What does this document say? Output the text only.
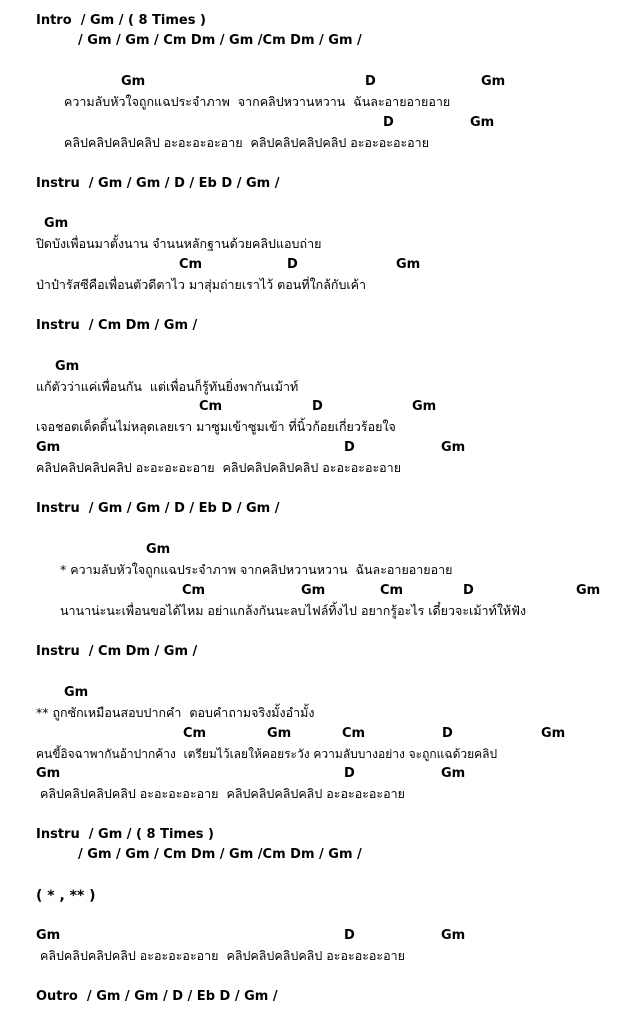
Intro  / Gm / ( 8 Times )
/ Gm / Gm / Cm Dm / Gm /Cm Dm / Gm /
Gm	D	Gm
ความลับหัวใจถูกแฉประจำภาพ  จากคลิปหวานหวาน  ฉันละอายอายอาย
D	Gm
คลิปคลิปคลิปคลิป อะอะอะอะอาย  คลิปคลิปคลิปคลิป อะอะอะอะอาย
Instru  / Gm / Gm / D / Eb D / Gm /
Gm
ปิดบังเพื่อนมาตั้งนาน จำนนหลักฐานด้วยคลิปแอบถ่าย
Cm	D	Gm
ป่าป๋ารัสซีคือเพื่อนตัวดีตาไว มาสุ่มถ่ายเราไว้ ตอนที่ใกล้กับเค้า
Instru  / Cm Dm / Gm /
Gm
แก้ตัวว่าแค่เพื่อนกัน  แต่เพื่อนก็รู้ทันยิ่งพากันเม้าท์
Cm	D	Gm
เจอชอตเด็ดดิ้นไม่หลุดเลยเรา มาซูมเข้าซูมเข้า ที่นิ้วก้อยเกี่ยวร้อยใจ
Gm	D	Gm
คลิปคลิปคลิปคลิป อะอะอะอะอาย  คลิปคลิปคลิปคลิป อะอะอะอะอาย
Instru  / Gm / Gm / D / Eb D / Gm /
Gm
* ความลับหัวใจถูกแฉประจำภาพ จากคลิปหวานหวาน  ฉันละอายอายอาย
Cm	Gm	Cm	D	Gm
นานาน่ะนะเพื่อนขอได้ไหม อย่าแกล้งกันนะลบไฟล์ทิ้งไป อยากรู้อะไร เดี๋ยวจะเม้าท์ให้ฟัง
Instru  / Cm Dm / Gm /
Gm
** ถูกซักเหมือนสอบปากคำ  ตอบคำถามจริงมั้งอำมั้ง
Cm	Gm	Cm	D	Gm
คนขี้อิจฉาพากันอ้าปากค้าง  เตรียมไว้เลยให้คอยระวัง ความลับบางอย่าง จะถูกแฉด้วยคลิป
Gm	D	Gm
คลิปคลิปคลิปคลิป อะอะอะอะอาย  คลิปคลิปคลิปคลิป อะอะอะอะอาย
Instru  / Gm / ( 8 Times )
/ Gm / Gm / Cm Dm / Gm /Cm Dm / Gm /
( * , ** )
Gm	D	Gm
คลิปคลิปคลิปคลิป อะอะอะอะอาย  คลิปคลิปคลิปคลิป อะอะอะอะอาย
Outro  / Gm / Gm / D / Eb D / Gm /
